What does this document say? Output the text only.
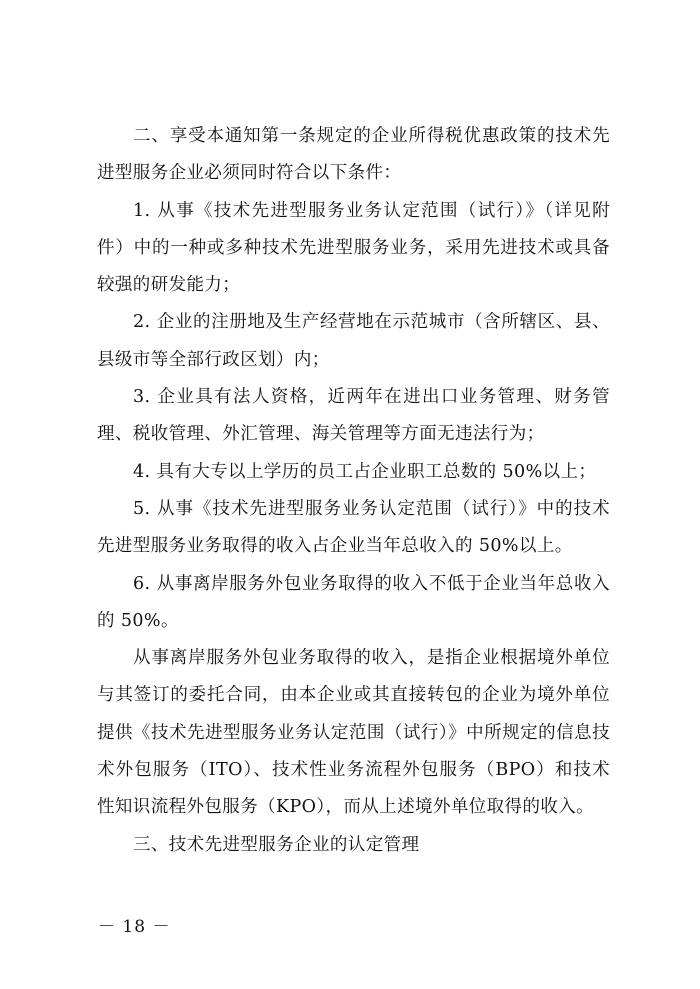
二、享受本通知第一条规定的企业所得税优惠政策的技术先进型服务企业必须同时符合以下条件：

1. 从事《技术先进型服务业务认定范围（试行）》（详见附件）中的一种或多种技术先进型服务业务，采用先进技术或具备较强的研发能力；

2. 企业的注册地及生产经营地在示范城市（含所辖区、县、县级市等全部行政区划）内；

3. 企业具有法人资格，近两年在进出口业务管理、财务管理、税收管理、外汇管理、海关管理等方面无违法行为；

4. 具有大专以上学历的员工占企业职工总数的 50%以上；

5. 从事《技术先进型服务业务认定范围（试行）》中的技术先进型服务业务取得的收入占企业当年总收入的 50%以上。

6. 从事离岸服务外包业务取得的收入不低于企业当年总收入的 50%。

从事离岸服务外包业务取得的收入，是指企业根据境外单位与其签订的委托合同，由本企业或其直接转包的企业为境外单位提供《技术先进型服务业务认定范围（试行）》中所规定的信息技术外包服务（ITO）、技术性业务流程外包服务（BPO）和技术性知识流程外包服务（KPO），而从上述境外单位取得的收入。

三、技术先进型服务企业的认定管理

－ 18 －
